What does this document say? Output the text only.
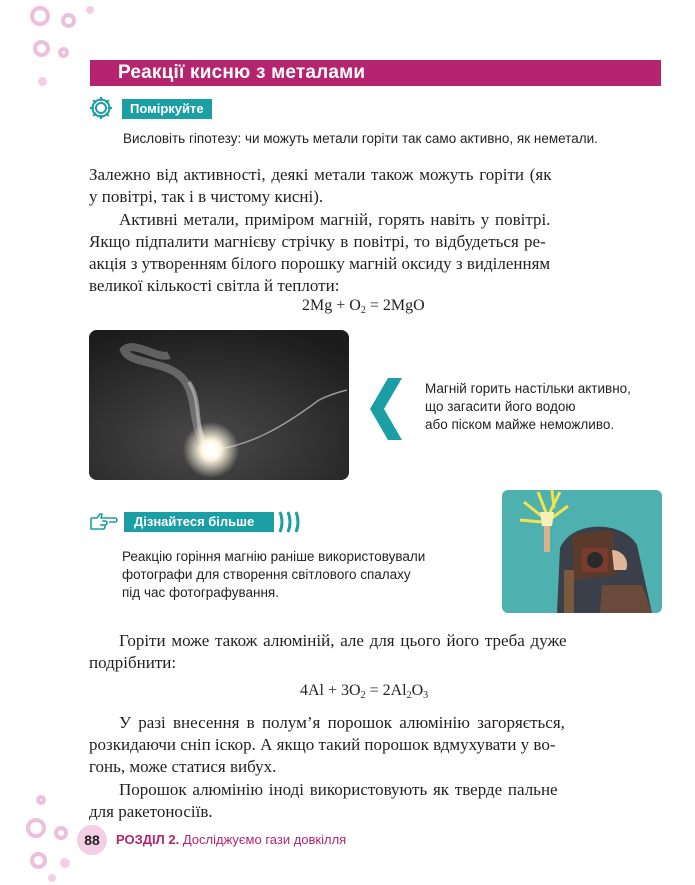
Реакції кисню з металами
Поміркуйте
Висловіть гіпотезу: чи можуть метали горіти так само активно, як неметали.
Залежно від активності, деякі метали також можуть горіти (як
у повітрі, так і в чистому кисні).
Активні метали, приміром магній, горять навіть у повітрі.
Якщо підпалити магнієву стрічку в повітрі, то відбудеться ре-
акція з утворенням білого порошку магній оксиду з виділенням
великої кількості світла й теплоти:
$2Mg + O_2 = 2MgO$
Магній горить настільки активно,
що загасити його водою
або піском майже неможливо.
Дізнайтеся більше
Реакцію горіння магнію раніше використовували
фотографи для створення світлового спалаху
під час фотографування.
Горіти може також алюміній, але для цього його треба дуже
подрібнити:
$4Al + 3O_2 = 2Al_2O_3$
У разі внесення в полум’я порошок алюмінію загоряється,
розкидаючи сніп іскор. А якщо такий порошок вдмухувати у во-
гонь, може статися вибух.
Порошок алюмінію іноді використовують як тверде пальне
для ракетоносіїв.
88	РОЗДІЛ 2. Досліджуємо гази довкілля
